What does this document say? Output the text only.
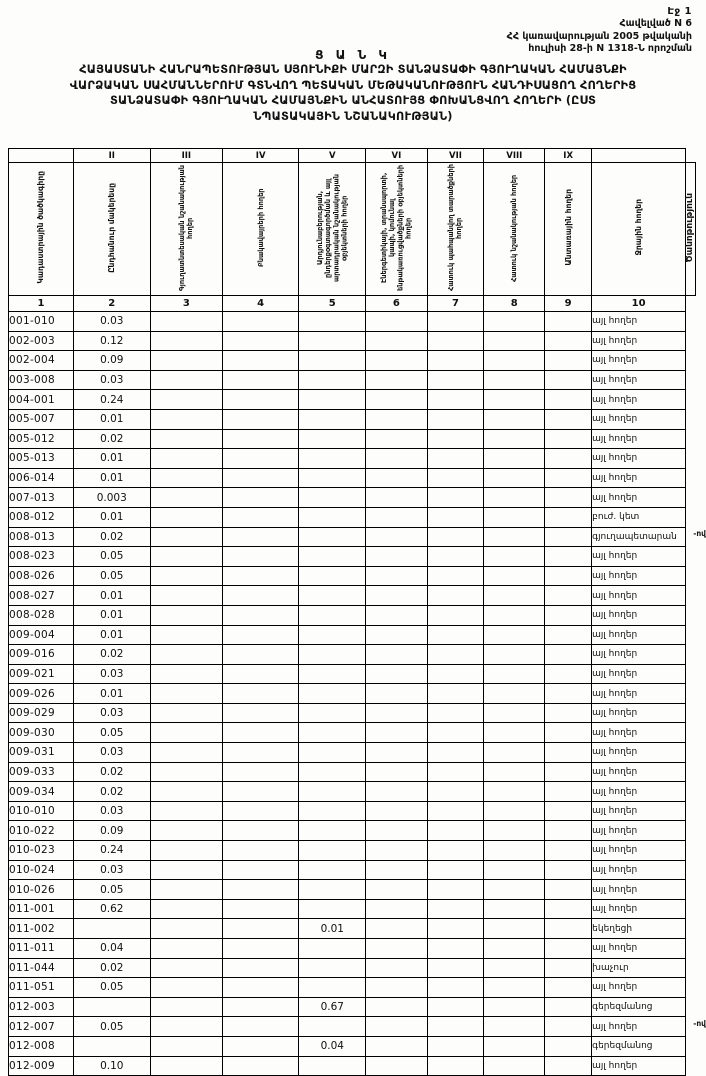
Էջ 1
Հավելված N 6
ՀՀ կառավարության 2005 թվականի
հուլիսի 28-ի N 1318-Ն որոշման
Ց Ա Ն Կ
ՀԱՅԱՍՏԱՆԻ ՀԱՆՐԱՊԵՏՈՒԹՅԱՆ ՍՅՈՒՆԻՔԻ ՄԱՐԶԻ ՏԱՆՁԱՏԱՓԻ ԳՅՈՒՂԱԿԱՆ ՀԱՄԱՅՆՔԻ
ՎԱՐՁԱԿԱՆ ՍԱՀՄԱՆՆԵՐՈՒՄ ԳՏՆՎՈՂ ՊԵՏԱԿԱՆ ՄԵԹԱԿԱՆՈՒԹՅՈՒՆ ՀԱՆԴԻՍԱՑՈՂ ՀՈՂԵՐԻՑ
ՏԱՆՁԱՏԱՓԻ ԳՅՈՒՂԱԿԱՆ ՀԱՄԱՅՆՔԻՆ ԱՆՀԱՏՈՒՅՑ ՓՈԽԱՆՑՎՈՂ ՀՈՂԵՐԻ (ԸՍՏ
ՆՊԱՏԱԿԱՅԻՆ ՆՇԱՆԱԿՈՒԹՅԱՆ)
	II	III	IV	V	VI	VII	VIII	IX		
Կադաստրային ծածկագիրը	Ընդհանուր մակերեսը	Գյուղատնտեսական նշանակության հողեր	Բնակավայրերի հողեր	Արդյունաբերության, ընդերքօգտագործման և այլ արտադրական նշանակության օբյեկտների հողեր	Էներգետիկայի, տրանսպորտի, կապի, կոմունալ ենթակառուցվածքների օբյեկտների հողեր	Հատուկ պահպանվող տարածքների հողեր	Հատուկ նշանակության հողեր	Անտառային հողեր	Ջրային հողեր	Ծանոթություն
1	2	3	4	5	6	7	8	9	10	
001-010	0.03								այլ հողեր	
002-003	0.12								այլ հողեր	
002-004	0.09								այլ հողեր	
003-008	0.03								այլ հողեր	
004-001	0.24								այլ հողեր	
005-007	0.01								այլ հողեր	
005-012	0.02								այլ հողեր	
005-013	0.01								այլ հողեր	
006-014	0.01								այլ հողեր	
007-013	0.003								այլ հողեր	
008-012	0.01								բուժ. կետ	
008-013	0.02								գյուղապետարան	
008-023	0.05								այլ հողեր	
008-026	0.05								այլ հողեր	
008-027	0.01								այլ հողեր	
008-028	0.01								այլ հողեր	
009-004	0.01								այլ հողեր	
009-016	0.02								այլ հողեր	
009-021	0.03								այլ հողեր	
009-026	0.01								այլ հողեր	
009-029	0.03								այլ հողեր	
009-030	0.05								այլ հողեր	
009-031	0.03								այլ հողեր	
009-033	0.02								այլ հողեր	
009-034	0.02								այլ հողեր	
010-010	0.03								այլ հողեր	
010-022	0.09								այլ հողեր	
010-023	0.24								այլ հողեր	
010-024	0.03								այլ հողեր	
010-026	0.05								այլ հողեր	
011-001	0.62								այլ հողեր	
011-002				0.01					եկեղեցի	
011-011	0.04								այլ հողեր	
011-044	0.02								խաչուր	
011-051	0.05								այլ հողեր	
012-003				0.67					գերեզմանոց	
012-007	0.05								այլ հողեր	
012-008				0.04					գերեզմանոց	
012-009	0.10								այլ հողեր	
-ով
-ով
